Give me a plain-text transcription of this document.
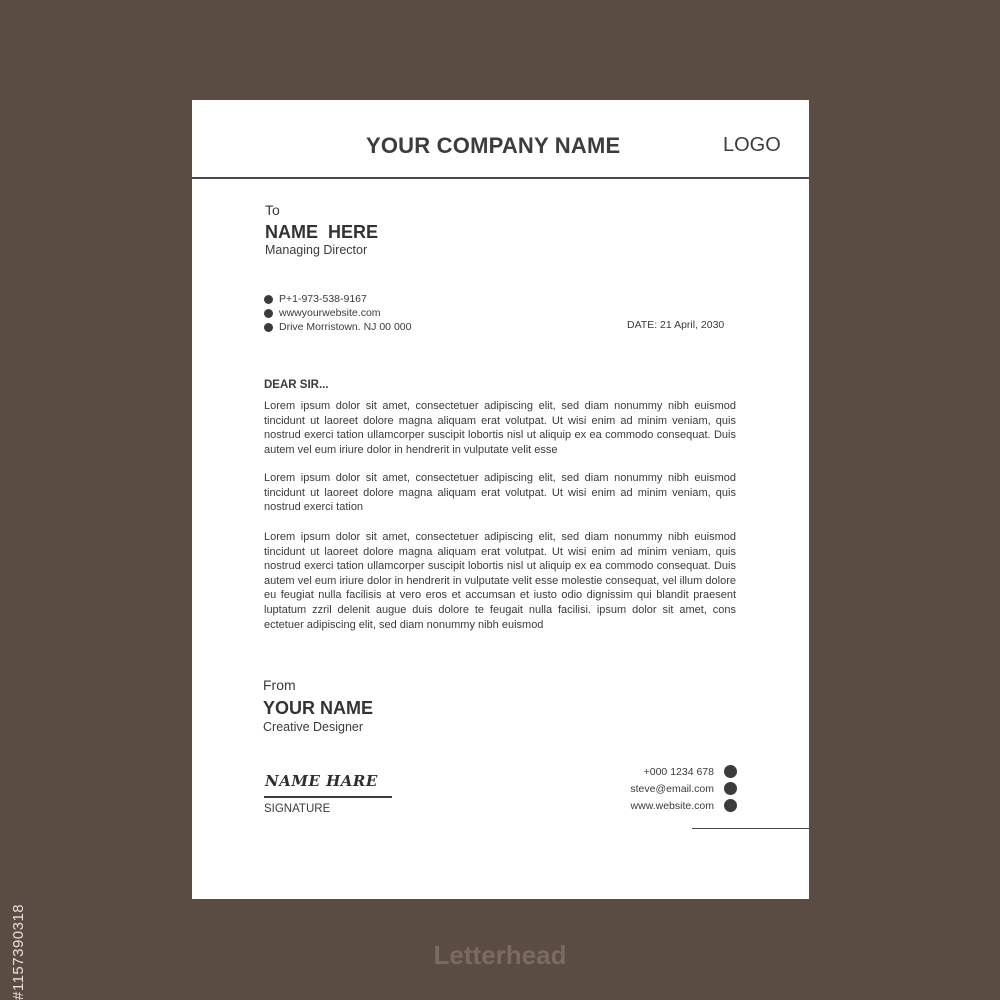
#1157390318
YOUR COMPANY NAME	LOGO
To
NAME  HERE
Managing Director
P+1-973-538-9167
wwwyourwebsite.com
Drive Morristown. NJ 00 000	DATE: 21 April, 2030
DEAR SIR...
Lorem ipsum dolor sit amet, consectetuer adipiscing elit, sed diam nonummy nibh euismod tincidunt ut laoreet dolore magna aliquam erat volutpat. Ut wisi enim ad minim veniam, quis nostrud exerci tation ullamcorper suscipit lobortis nisl ut aliquip ex ea commodo consequat. Duis autem vel eum iriure dolor in hendrerit in vulputate velit esse
Lorem ipsum dolor sit amet, consectetuer adipiscing elit, sed diam nonummy nibh euismod tincidunt ut laoreet dolore magna aliquam erat volutpat. Ut wisi enim ad minim veniam, quis nostrud exerci tation
Lorem ipsum dolor sit amet, consectetuer adipiscing elit, sed diam nonummy nibh euismod tincidunt ut laoreet dolore magna aliquam erat volutpat. Ut wisi enim ad minim veniam, quis nostrud exerci tation ullamcorper suscipit lobortis nisl ut aliquip ex ea commodo consequat. Duis autem vel eum iriure dolor in hendrerit in vulputate velit esse molestie consequat, vel illum dolore eu feugiat nulla facilisis at vero eros et accumsan et iusto odio dignissim qui blandit praesent luptatum zzril delenit augue duis dolore te feugait nulla facilisi. ipsum dolor sit amet, cons ectetuer adipiscing elit, sed diam nonummy nibh euismod
From
YOUR NAME
Creative Designer
NAME HARE
SIGNATURE
+000 1234 678
steve@email.com
www.website.com
Letterhead
